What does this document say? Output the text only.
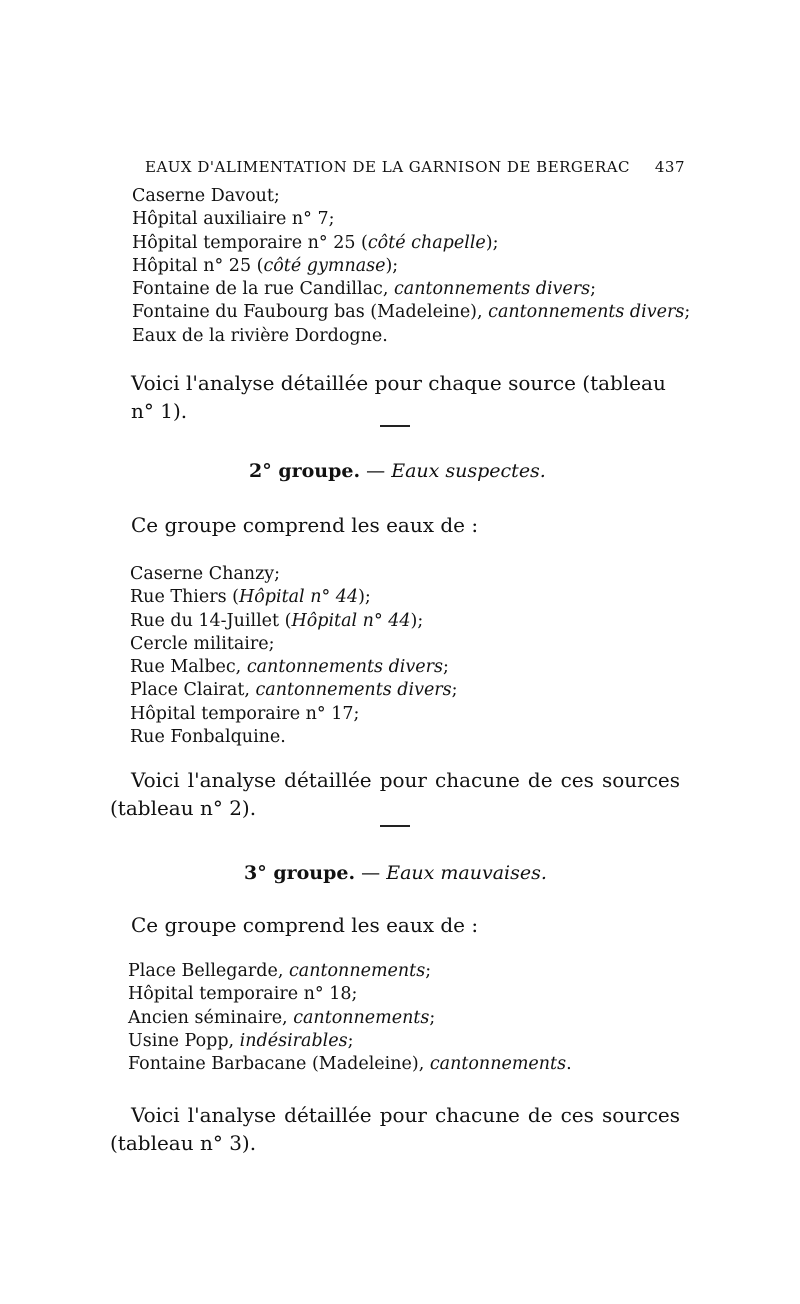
EAUX D'ALIMENTATION DE LA GARNISON DE BERGERAC 437
Caserne Davout;
Hôpital auxiliaire n° 7;
Hôpital temporaire n° 25 (côté chapelle);
Hôpital n° 25 (côté gymnase);
Fontaine de la rue Candillac, cantonnements divers;
Fontaine du Faubourg bas (Madeleine), cantonnements divers;
Eaux de la rivière Dordogne.
Voici l'analyse détaillée pour chaque source (tableau n° 1).
2° groupe. — Eaux suspectes.
Ce groupe comprend les eaux de :
Caserne Chanzy;
Rue Thiers (Hôpital n° 44);
Rue du 14-Juillet (Hôpital n° 44);
Cercle militaire;
Rue Malbec, cantonnements divers;
Place Clairat, cantonnements divers;
Hôpital temporaire n° 17;
Rue Fonbalquine.
Voici l'analyse détaillée pour chacune de ces sources
(tableau n° 2).
3° groupe. — Eaux mauvaises.
Ce groupe comprend les eaux de :
Place Bellegarde, cantonnements;
Hôpital temporaire n° 18;
Ancien séminaire, cantonnements;
Usine Popp, indésirables;
Fontaine Barbacane (Madeleine), cantonnements.
Voici l'analyse détaillée pour chacune de ces sources
(tableau n° 3).
